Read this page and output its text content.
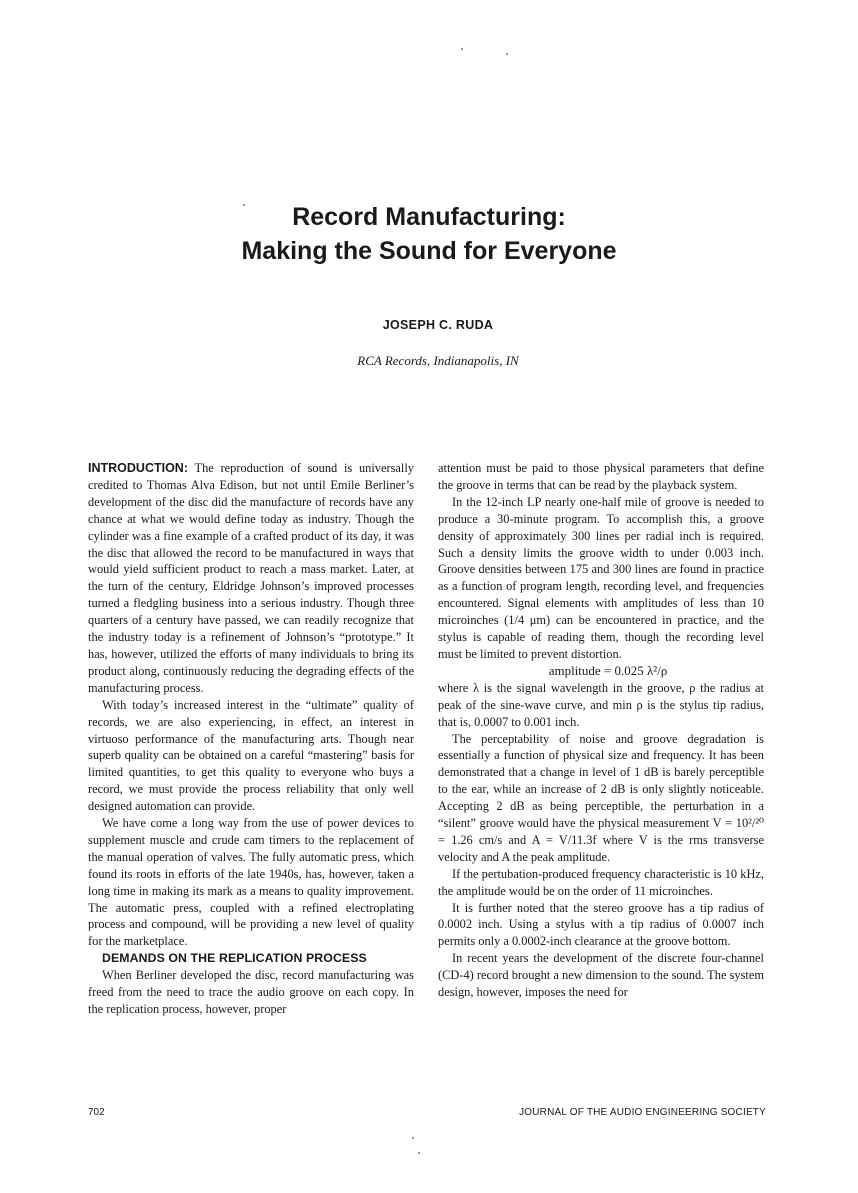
Record Manufacturing:
Making the Sound for Everyone
JOSEPH C. RUDA
RCA Records, Indianapolis, IN

INTRODUCTION: The reproduction of sound is universally credited to Thomas Alva Edison, but not until Emile Berliner’s development of the disc did the manufacture of records have any chance at what we would define today as industry. Though the cylinder was a fine example of a crafted product of its day, it was the disc that allowed the record to be manufactured in ways that would yield sufficient product to reach a mass market. Later, at the turn of the century, Eldridge Johnson’s improved processes turned a fledgling business into a serious industry. Though three quarters of a century have passed, we can readily recognize that the industry today is a refinement of Johnson’s “prototype.” It has, however, utilized the efforts of many individuals to bring its product along, continuously reducing the degrading effects of the manufacturing process.

With today’s increased interest in the “ultimate” quality of records, we are also experiencing, in effect, an interest in virtuoso performance of the manufacturing arts. Though near superb quality can be obtained on a careful “mastering” basis for limited quantities, to get this quality to everyone who buys a record, we must provide the process reliability that only well designed automation can provide.

We have come a long way from the use of power devices to supplement muscle and crude cam timers to the replacement of the manual operation of valves. The fully automatic press, which found its roots in efforts of the late 1940s, has, however, taken a long time in making its mark as a means to quality improvement. The automatic press, coupled with a refined electroplating process and compound, will be providing a new level of quality for the marketplace.

DEMANDS ON THE REPLICATION PROCESS

When Berliner developed the disc, record manufacturing was freed from the need to trace the audio groove on each copy. In the replication process, however, proper

attention must be paid to those physical parameters that define the groove in terms that can be read by the playback system.

In the 12-inch LP nearly one-half mile of groove is needed to produce a 30-minute program. To accomplish this, a groove density of approximately 300 lines per radial inch is required. Such a density limits the groove width to under 0.003 inch. Groove densities between 175 and 300 lines are found in practice as a function of program length, recording level, and frequencies encountered. Signal elements with amplitudes of less than 10 microinches (1/4 μm) can be encountered in practice, and the stylus is capable of reading them, though the recording level must be limited to prevent distortion.

amplitude = 0.025 λ²/ρ

where λ is the signal wavelength in the groove, ρ the radius at peak of the sine-wave curve, and min ρ is the stylus tip radius, that is, 0.0007 to 0.001 inch.

The perceptability of noise and groove degradation is essentially a function of physical size and frequency. It has been demonstrated that a change in level of 1 dB is barely perceptible to the ear, while an increase of 2 dB is only slightly noticeable. Accepting 2 dB as being perceptible, the perturbation in a “silent” groove would have the physical measurement V = 10²/²⁰ = 1.26 cm/s and A = V/11.3f where V is the rms transverse velocity and A the peak amplitude.

If the pertubation-produced frequency characteristic is 10 kHz, the amplitude would be on the order of 11 microinches.

It is further noted that the stereo groove has a tip radius of 0.0002 inch. Using a stylus with a tip radius of 0.0007 inch permits only a 0.0002-inch clearance at the groove bottom.

In recent years the development of the discrete four-channel (CD-4) record brought a new dimension to the sound. The system design, however, imposes the need for

702	JOURNAL OF THE AUDIO ENGINEERING SOCIETY
